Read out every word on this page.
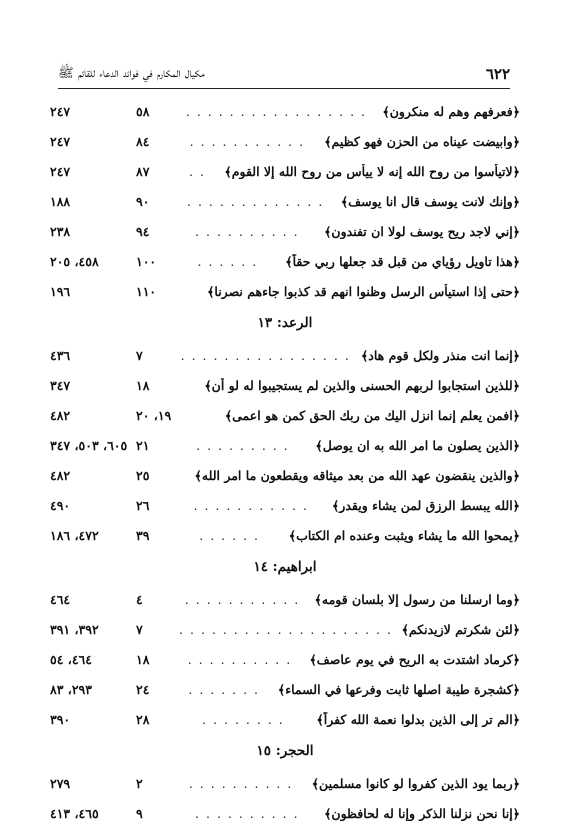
٦٢٢
مكيال المكارم في فوائد الدعاء للقائم ﷺ
﴿فعرفهم وهم له منكرون﴾
. . . . . . . . . . . . . . . . .
٥٨
٢٤٧
﴿وابيضت عيناه من الحزن فهو كظيم﴾
. . . . . . . . . . .
٨٤
٢٤٧
﴿لاتيأسوا من روح الله إنه لا ييأس من روح الله إلا القوم﴾
. .
٨٧
٢٤٧
﴿وإنك لانت يوسف قال انا يوسف﴾
. . . . . . . . . . . . .
٩٠
١٨٨
﴿إني لاجد ريح يوسف لولا ان تفندون﴾
. . . . . . . . . .
٩٤
٢٣٨
﴿هذا تاويل رؤياي من قبل قد جعلها ربي حقاً﴾
. . . . . .
١٠٠
٤٥٨، ٢٠٥
﴿حتى إذا استيأس الرسل وظنوا انهم قد كذبوا جاءهم نصرنا﴾
١١٠
١٩٦
الرعد: ١٣
﴿إنما انت منذر ولكل قوم هاد﴾
. . . . . . . . . . . . . . . .
٧
٤٣٦
﴿للذين استجابوا لربهم الحسنى والذين لم يستجيبوا له لو أن﴾
١٨
٣٤٧
﴿افمن يعلم إنما انزل اليك من ربك الحق كمن هو اعمى﴾
١٩، ٢٠
٤٨٢
﴿الذين يصلون ما امر الله به ان يوصل﴾
. . . . . . . . .
٢١
٦٠٥، ٥٠٣، ٣٤٧
﴿والذين ينقضون عهد الله من بعد ميثاقه ويقطعون ما امر الله﴾
٢٥
٤٨٢
﴿الله يبسط الرزق لمن يشاء ويقدر﴾
. . . . . . . . . . .
٢٦
٤٩٠
﴿يمحوا الله ما يشاء ويثبت وعنده ام الكتاب﴾
. . . . . .
٣٩
٤٧٢، ١٨٦
ابراهيم: ١٤
﴿وما ارسلنا من رسول إلا بلسان قومه﴾
. . . . . . . . . . .
٤
٤٦٤
﴿لئن شكرتم لازيدنكم﴾
. . . . . . . . . . . . . . . . . . . .
٧
٣٩٢، ٣٩١
﴿كرماد اشتدت به الريح في يوم عاصف﴾
. . . . . . . . . .
١٨
٤٦٤، ٥٤
﴿كشجرة طيبة اصلها ثابت وفرعها في السماء﴾
. . . . . . .
٢٤
٢٩٣، ٨٣
﴿الم تر إلى الذين بدلوا نعمة الله كفراً﴾
. . . . . . . .
٢٨
٣٩٠
الحجر: ١٥
﴿ربما يود الذين كفروا لو كانوا مسلمين﴾
. . . . . . . . . .
٢
٢٧٩
﴿إنا نحن نزلنا الذكر وإنا له لحافظون﴾
. . . . . . . . . .
٩
٤٦٥، ٤١٣
